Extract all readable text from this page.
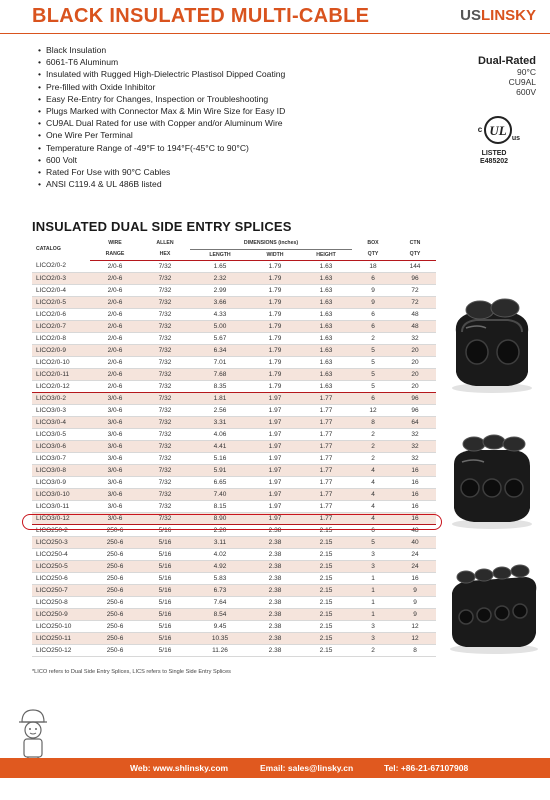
BLACK INSULATED MULTI-CABLE	USLINSKY
• Black Insulation
• 6061-T6 Aluminum
• Insulated with Rugged High-Dielectric Plastisol Dipped Coating
• Pre-filled with Oxide Inhibitor
• Easy Re-Entry for Changes, Inspection or Troubleshooting
• Plugs Marked with Connector Max & Min Wire Size for Easy ID
• CU9AL Dual Rated for use with Copper and/or Aluminum Wire
• One Wire Per Terminal
• Temperature Range of -49°F to 194°F(-45°C to 90°C)
• 600 Volt
• Rated For Use with 90°C Cables
• ANSI C119.4 & UL 486B listed
Dual-Rated
90°C
CU9AL
600V
UL
c
us
LISTED
E485202
INSULATED DUAL SIDE ENTRY SPLICES
CATALOG	WIRE	ALLEN	DIMENSIONS (inches)			BOX	CTN
	RANGE	HEX	LENGTH	WIDTH	HEIGHT	QTY	QTY
LICO2/0-2	2/0-6	7/32	1.65	1.79	1.63	18	144
LICO2/0-3	2/0-6	7/32	2.32	1.79	1.63	6	96
LICO2/0-4	2/0-6	7/32	2.99	1.79	1.63	9	72
LICO2/0-5	2/0-6	7/32	3.66	1.79	1.63	9	72
LICO2/0-6	2/0-6	7/32	4.33	1.79	1.63	6	48
LICO2/0-7	2/0-6	7/32	5.00	1.79	1.63	6	48
LICO2/0-8	2/0-6	7/32	5.67	1.79	1.63	2	32
LICO2/0-9	2/0-6	7/32	6.34	1.79	1.63	5	20
LICO2/0-10	2/0-6	7/32	7.01	1.79	1.63	5	20
LICO2/0-11	2/0-6	7/32	7.68	1.79	1.63	5	20
LICO2/0-12	2/0-6	7/32	8.35	1.79	1.63	5	20
LICO3/0-2	3/0-6	7/32	1.81	1.97	1.77	6	96
LICO3/0-3	3/0-6	7/32	2.56	1.97	1.77	12	96
LICO3/0-4	3/0-6	7/32	3.31	1.97	1.77	8	64
LICO3/0-5	3/0-6	7/32	4.06	1.97	1.77	2	32
LICO3/0-6	3/0-6	7/32	4.41	1.97	1.77	2	32
LICO3/0-7	3/0-6	7/32	5.16	1.97	1.77	2	32
LICO3/0-8	3/0-6	7/32	5.91	1.97	1.77	4	16
LICO3/0-9	3/0-6	7/32	6.65	1.97	1.77	4	16
LICO3/0-10	3/0-6	7/32	7.40	1.97	1.77	4	16
LICO3/0-11	3/0-6	7/32	8.15	1.97	1.77	4	16
LICO3/0-12	3/0-6	7/32	8.90	1.97	1.77	4	16
LICO250-2	250-6	5/16	2.20	2.38	2.15	6	48
LICO250-3	250-6	5/16	3.11	2.38	2.15	5	40
LICO250-4	250-6	5/16	4.02	2.38	2.15	3	24
LICO250-5	250-6	5/16	4.92	2.38	2.15	3	24
LICO250-6	250-6	5/16	5.83	2.38	2.15	1	16
LICO250-7	250-6	5/16	6.73	2.38	2.15	1	9
LICO250-8	250-6	5/16	7.64	2.38	2.15	1	9
LICO250-9	250-6	5/16	8.54	2.38	2.15	1	9
LICO250-10	250-6	5/16	9.45	2.38	2.15	3	12
LICO250-11	250-6	5/16	10.35	2.38	2.15	3	12
LICO250-12	250-6	5/16	11.26	2.38	2.15	2	8
*LICO refers to Dual Side Entry Splices, LICS refers to Single Side Entry Splices
Web: www.shlinsky.com	Email: sales@linsky.cn	Tel: +86-21-67107908
